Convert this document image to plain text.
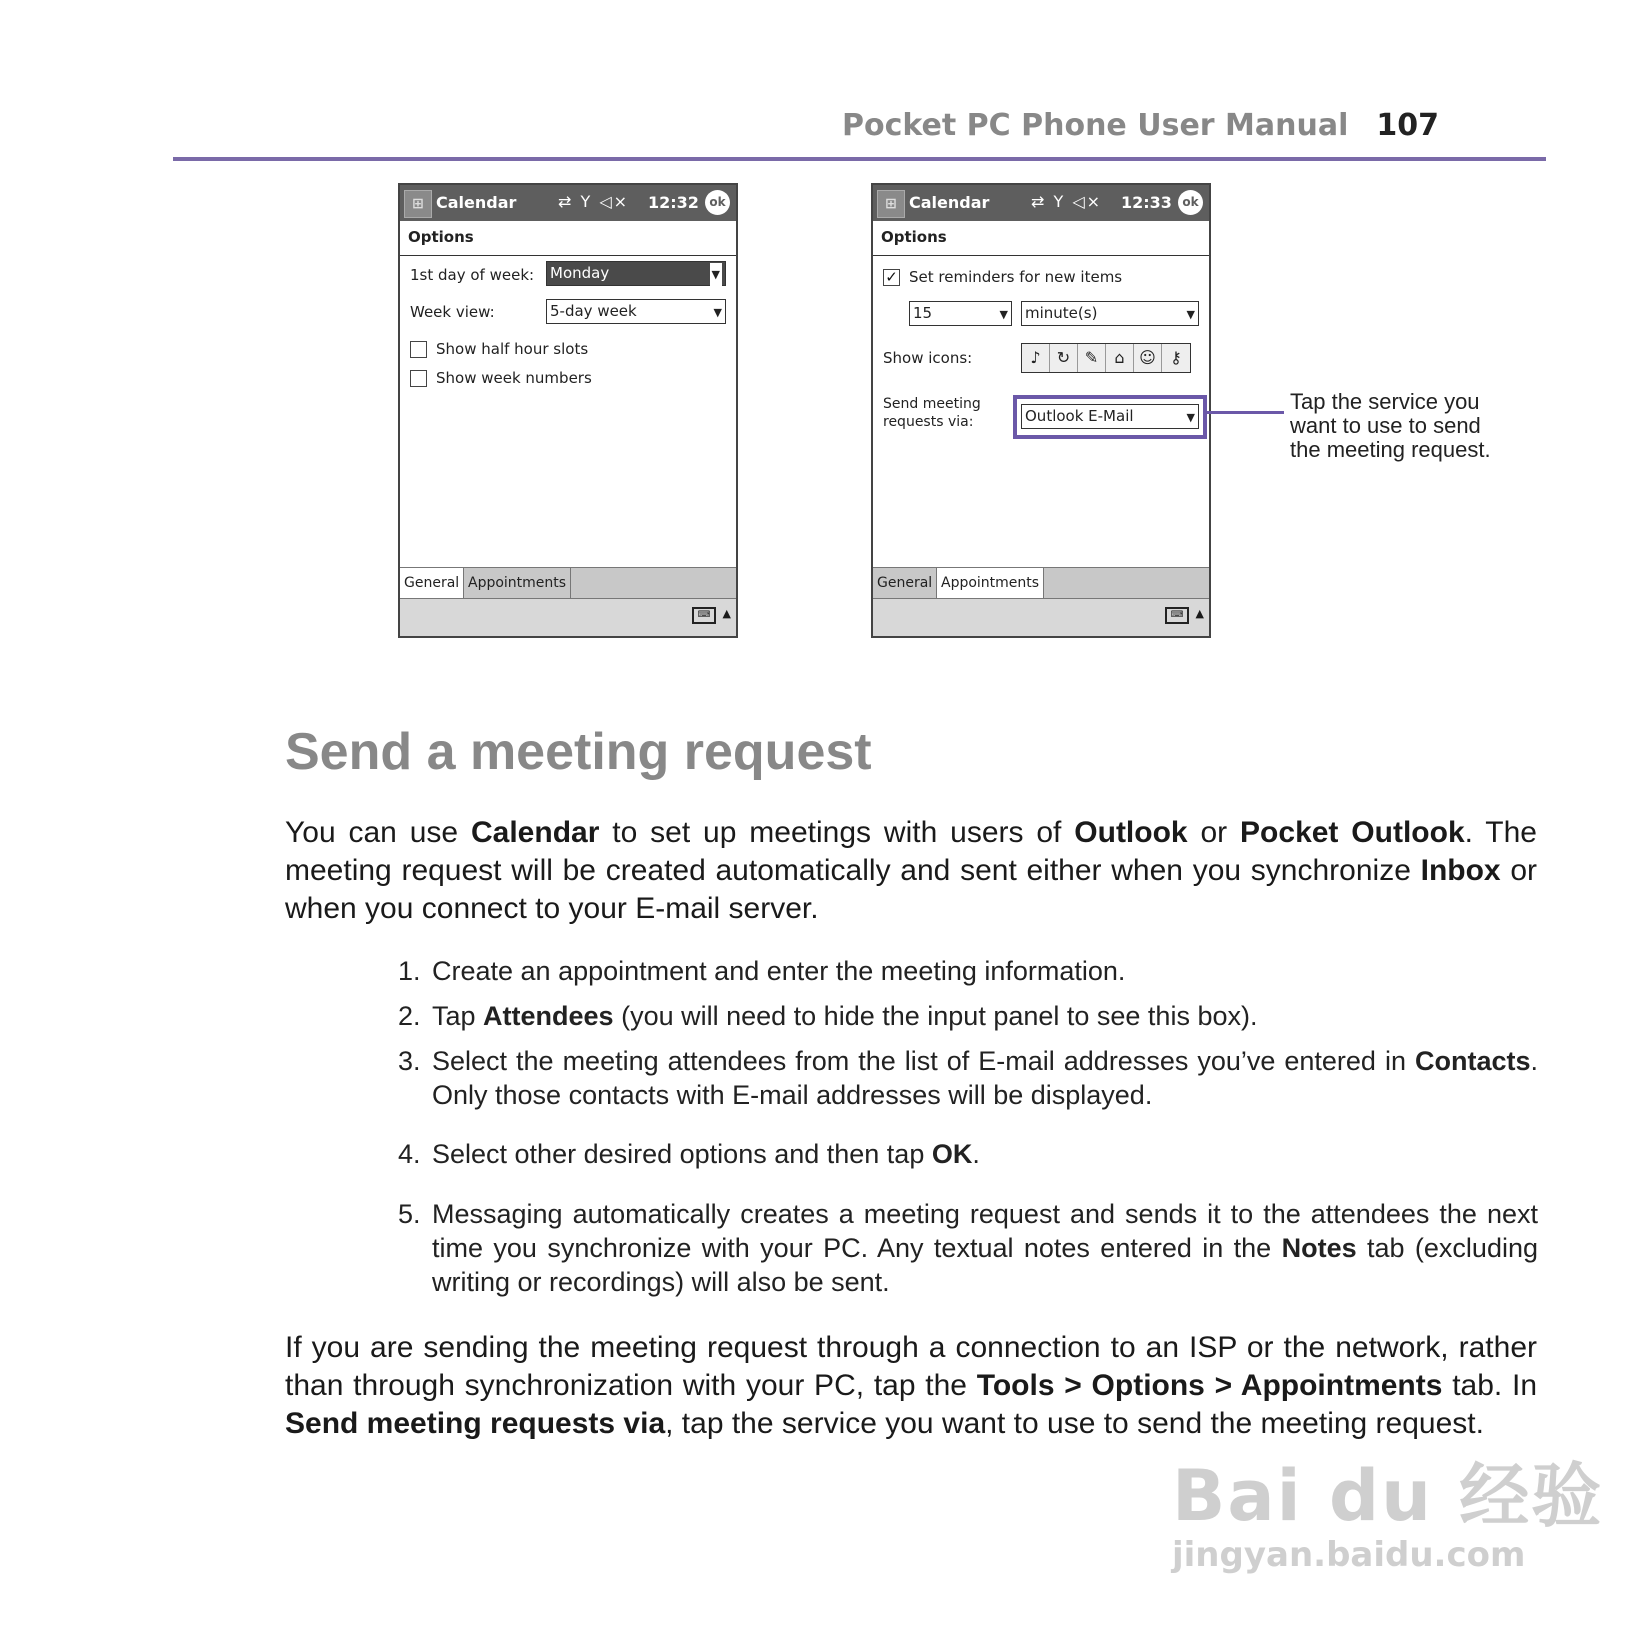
Pocket PC Phone User Manual 107
⊞ Calendar	⇄ Y ◁× 12:32 ok
Options
1st day of week: Monday	▼
Week view:	5-day week	▼
Show half hour slots
Show week numbers
General Appointments
⌨	▲
⊞ Calendar	⇄ Y ◁× 12:33 ok
Options
✓ Set reminders for new items
15	▼ minute(s)	▼
Show icons:	♪	↻ ✎	⌂ ☺ ⚷
Send meeting
requests via:	Outlook E-Mail	▼
General Appointments
⌨	▲
Tap the service you want to use to send the meeting request.
Send a meeting request
You can use Calendar to set up meetings with users of Outlook or Pocket Outlook. The meeting request will be created automatically and sent either when you synchronize Inbox or when you connect to your E-mail server.
1. Create an appointment and enter the meeting information.
2. Tap Attendees (you will need to hide the input panel to see this box).
3. Select the meeting attendees from the list of E-mail addresses you’ve entered in Contacts. Only those contacts with E-mail addresses will be displayed.
4. Select other desired options and then tap OK.
5. Messaging automatically creates a meeting request and sends it to the attendees the next time you synchronize with your PC. Any textual notes entered in the Notes tab (excluding writing or recordings) will also be sent.
If you are sending the meeting request through a connection to an ISP or the network, rather than through synchronization with your PC, tap the Tools > Options > Appointments tab. In Send meeting requests via, tap the service you want to use to send the meeting request.
Bai du 经验
jingyan.baidu.com
